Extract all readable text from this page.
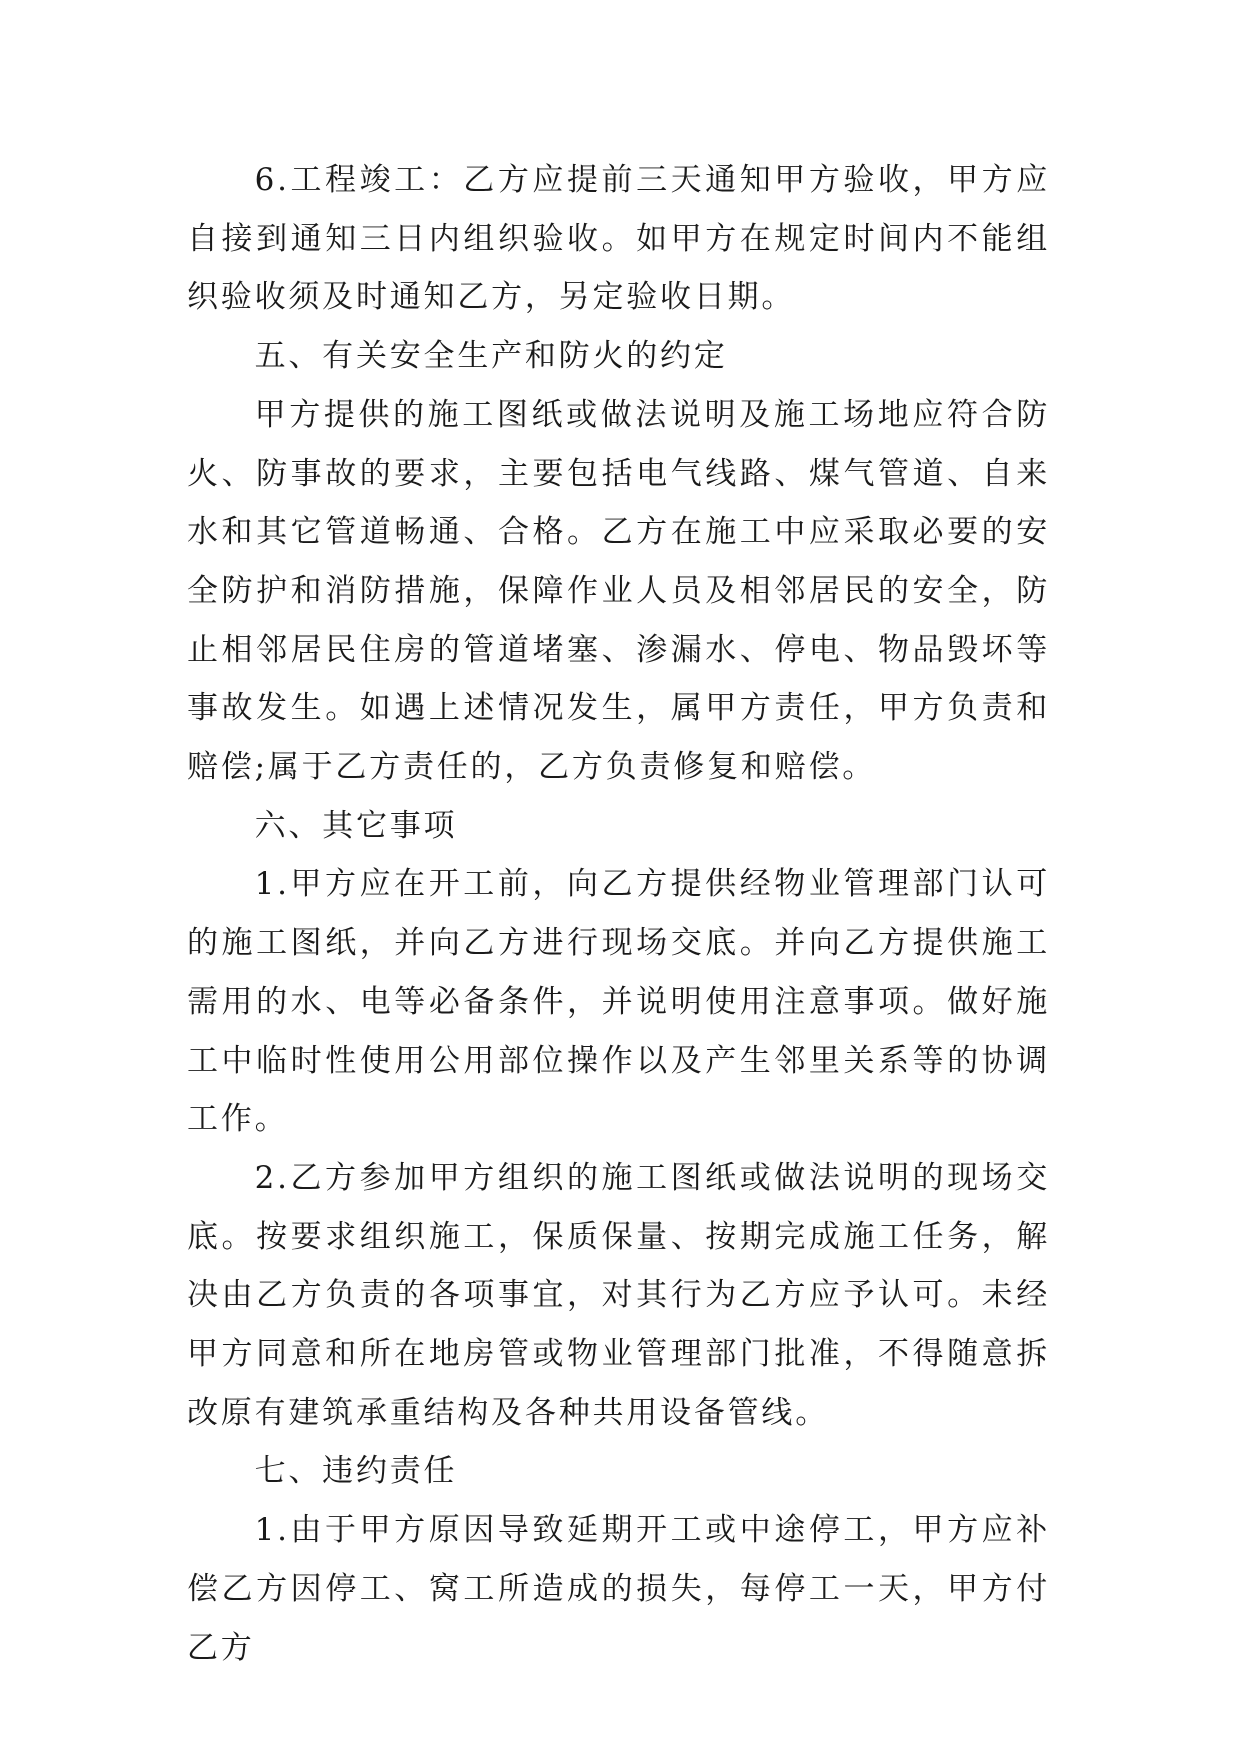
6.工程竣工：乙方应提前三天通知甲方验收，甲方应自接到通知三日内组织验收。如甲方在规定时间内不能组织验收须及时通知乙方，另定验收日期。

五、有关安全生产和防火的约定

甲方提供的施工图纸或做法说明及施工场地应符合防火、防事故的要求，主要包括电气线路、煤气管道、自来水和其它管道畅通、合格。乙方在施工中应采取必要的安全防护和消防措施，保障作业人员及相邻居民的安全，防止相邻居民住房的管道堵塞、渗漏水、停电、物品毁坏等事故发生。如遇上述情况发生，属甲方责任，甲方负责和赔偿;属于乙方责任的，乙方负责修复和赔偿。

六、其它事项

1.甲方应在开工前，向乙方提供经物业管理部门认可的施工图纸，并向乙方进行现场交底。并向乙方提供施工需用的水、电等必备条件，并说明使用注意事项。做好施工中临时性使用公用部位操作以及产生邻里关系等的协调工作。

2.乙方参加甲方组织的施工图纸或做法说明的现场交底。按要求组织施工，保质保量、按期完成施工任务，解决由乙方负责的各项事宜，对其行为乙方应予认可。未经甲方同意和所在地房管或物业管理部门批准，不得随意拆改原有建筑承重结构及各种共用设备管线。

七、违约责任

1.由于甲方原因导致延期开工或中途停工，甲方应补偿乙方因停工、窝工所造成的损失，每停工一天，甲方付乙方
